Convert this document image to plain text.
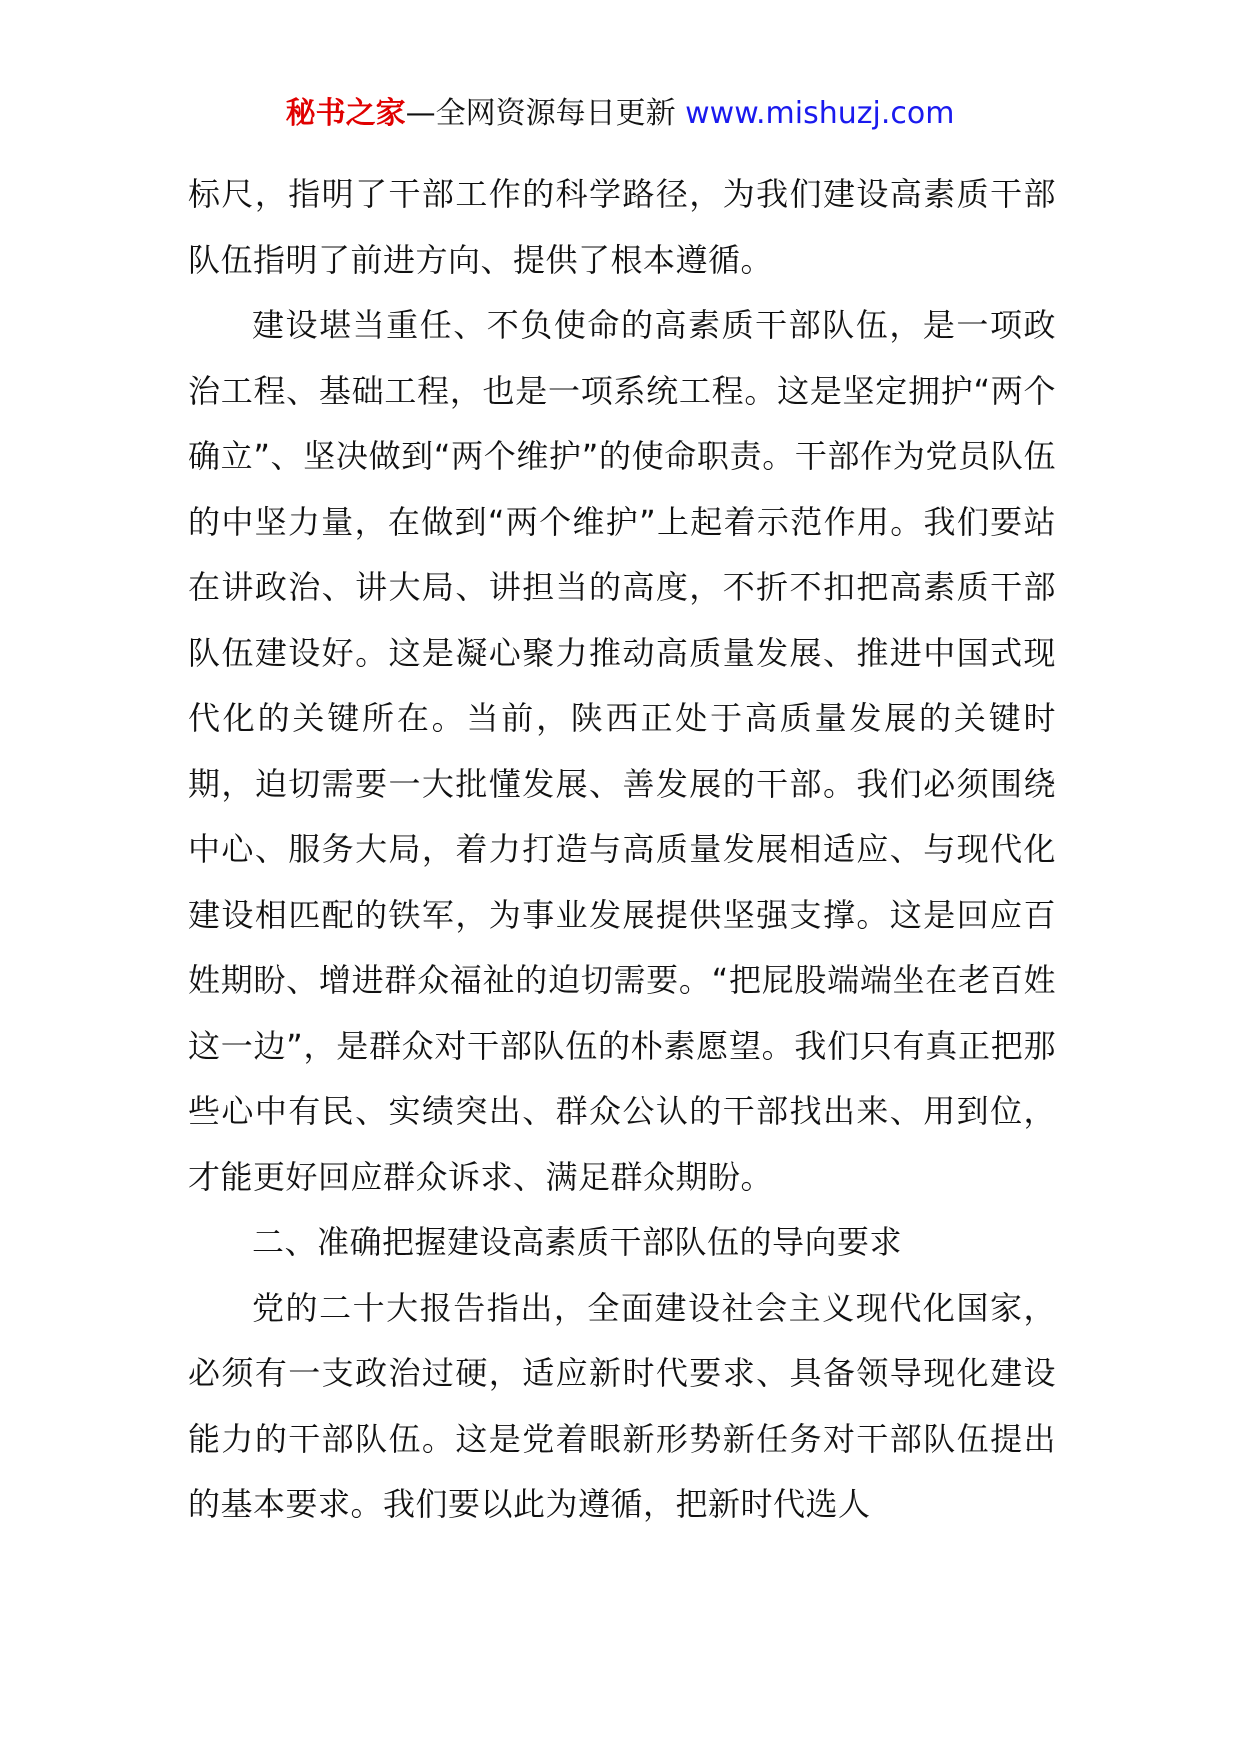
秘书之家—全网资源每日更新 www.mishuzj.com

标尺，指明了干部工作的科学路径，为我们建设高素质干部队伍指明了前进方向、提供了根本遵循。

建设堪当重任、不负使命的高素质干部队伍，是一项政治工程、基础工程，也是一项系统工程。这是坚定拥护“两个确立”、坚决做到“两个维护”的使命职责。干部作为党员队伍的中坚力量，在做到“两个维护”上起着示范作用。我们要站在讲政治、讲大局、讲担当的高度，不折不扣把高素质干部队伍建设好。这是凝心聚力推动高质量发展、推进中国式现代化的关键所在。当前，陕西正处于高质量发展的关键时期，迫切需要一大批懂发展、善发展的干部。我们必须围绕中心、服务大局，着力打造与高质量发展相适应、与现代化建设相匹配的铁军，为事业发展提供坚强支撑。这是回应百姓期盼、增进群众福祉的迫切需要。“把屁股端端坐在老百姓这一边”，是群众对干部队伍的朴素愿望。我们只有真正把那些心中有民、实绩突出、群众公认的干部找出来、用到位，才能更好回应群众诉求、满足群众期盼。

二、准确把握建设高素质干部队伍的导向要求

党的二十大报告指出，全面建设社会主义现代化国家，必须有一支政治过硬，适应新时代要求、具备领导现化建设能力的干部队伍。这是党着眼新形势新任务对干部队伍提出的基本要求。我们要以此为遵循，把新时代选人
